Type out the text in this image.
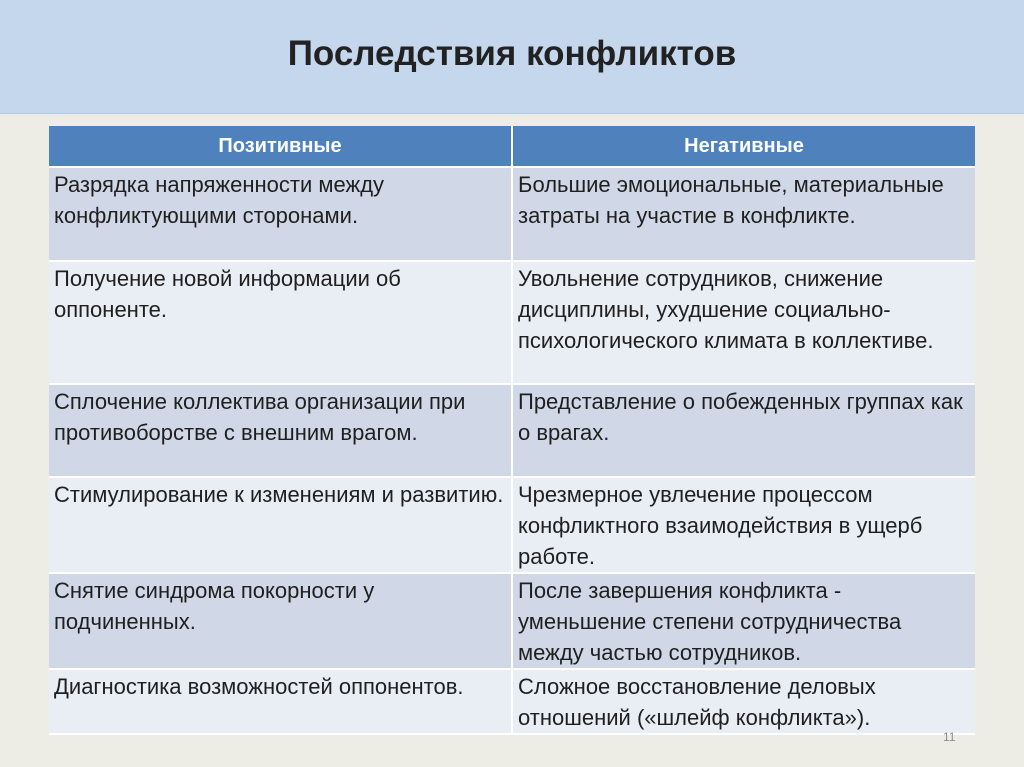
Последствия конфликтов
Позитивные	Негативные
Разрядка напряженности между конфликтующими сторонами.	Большие эмоциональные, материальные затраты на участие в конфликте.
Получение новой информации об оппоненте.	Увольнение сотрудников, снижение дисциплины, ухудшение социально-психологического климата в коллективе.
Сплочение коллектива организации при противоборстве с внешним врагом.	Представление о побежденных группах как о врагах.
Стимулирование к изменениям и развитию.	Чрезмерное увлечение процессом конфликтного взаимодействия в ущерб работе.
Снятие синдрома покорности у подчиненных.	После завершения конфликта - уменьшение степени сотрудничества между частью сотрудников.
Диагностика возможностей оппонентов.	Сложное восстановление деловых отношений («шлейф конфликта»).
11
